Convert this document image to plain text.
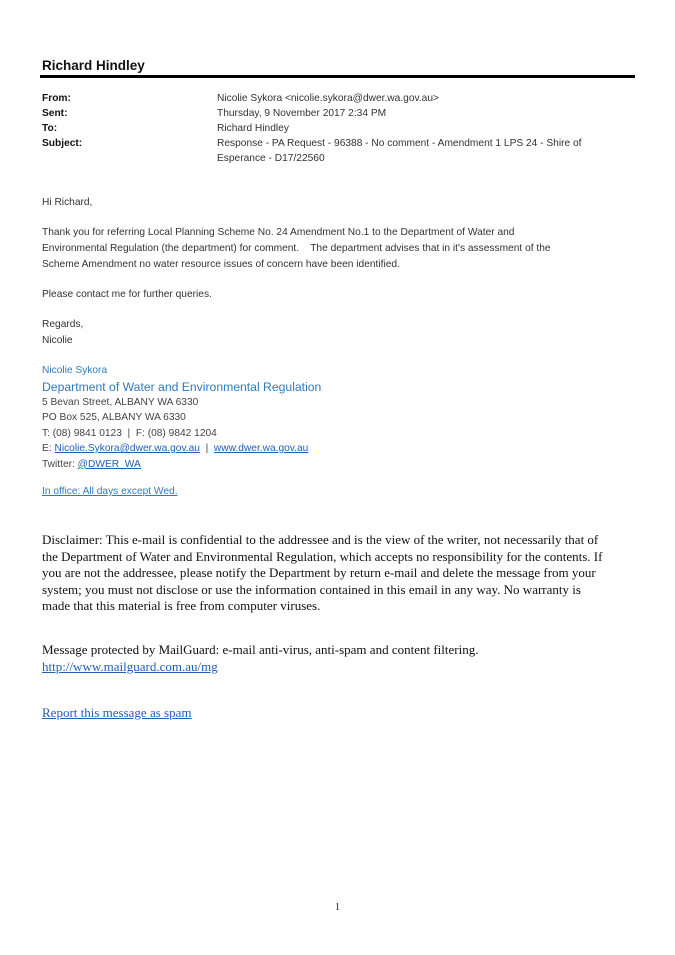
Richard Hindley
From:	Nicolie Sykora <nicolie.sykora@dwer.wa.gov.au>
Sent:	Thursday, 9 November 2017 2:34 PM
To:	Richard Hindley
Subject:	Response - PA Request - 96388 - No comment - Amendment 1 LPS 24 - Shire of
Esperance - D17/22560
Hi Richard,
Thank you for referring Local Planning Scheme No. 24 Amendment No.1 to the Department of Water and
Environmental Regulation (the department) for comment.    The department advises that in it's assessment of the
Scheme Amendment no water resource issues of concern have been identified.
Please contact me for further queries.
Regards,
Nicolie
Nicolie Sykora
Department of Water and Environmental Regulation
5 Bevan Street, ALBANY WA 6330
PO Box 525, ALBANY WA 6330
T: (08) 9841 0123  |  F: (08) 9842 1204
E: Nicolie.Sykora@dwer.wa.gov.au  |  www.dwer.wa.gov.au
Twitter: @DWER_WA
In office: All days except Wed.
Disclaimer: This e-mail is confidential to the addressee and is the view of the writer, not necessarily that of
the Department of Water and Environmental Regulation, which accepts no responsibility for the contents. If
you are not the addressee, please notify the Department by return e-mail and delete the message from your
system; you must not disclose or use the information contained in this email in any way. No warranty is
made that this material is free from computer viruses.
Message protected by MailGuard: e-mail anti-virus, anti-spam and content filtering.
http://www.mailguard.com.au/mg
Report this message as spam
1
